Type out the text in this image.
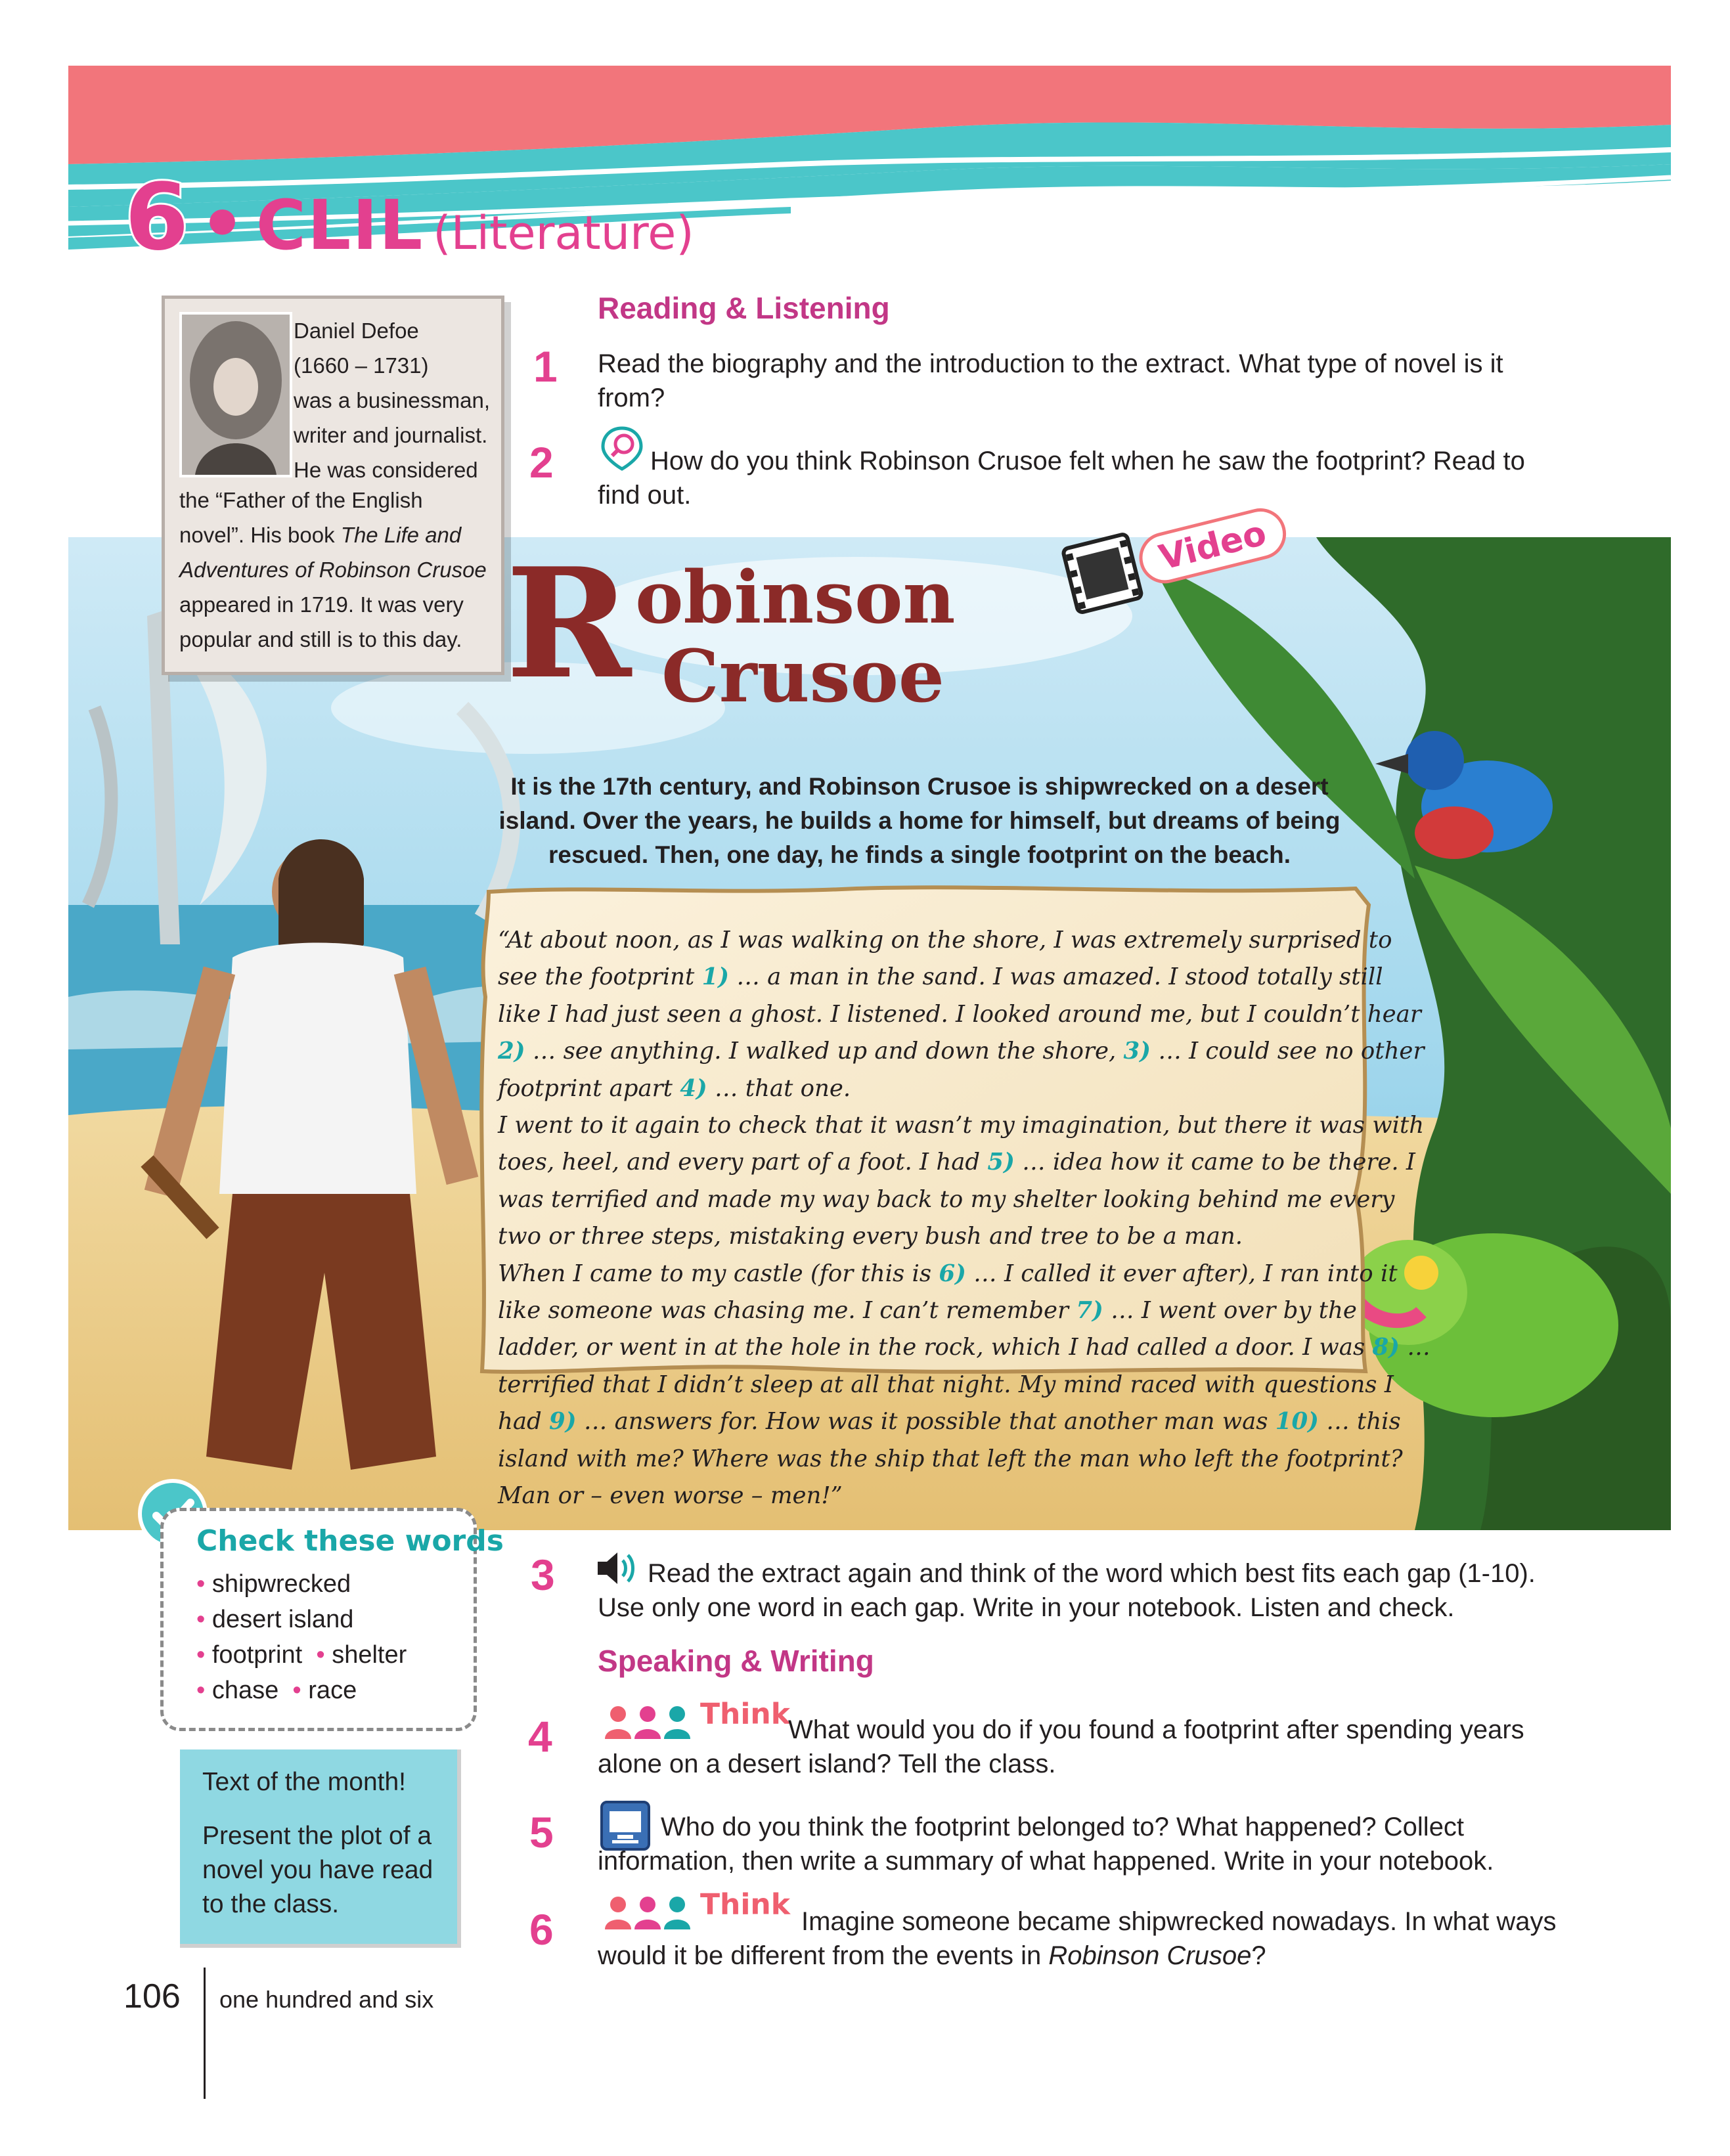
6 • CLIL (Literature)
R obinson
Crusoe
Video
It is the 17th century, and Robinson Crusoe is shipwrecked on a desert island. Over the years, he builds a home for himself, but dreams of being rescued. Then, one day, he finds a single footprint on the beach.
“At about noon, as I was walking on the shore, I was extremely surprised to see the footprint 1) … a man in the sand. I was amazed. I stood totally still like I had just seen a ghost. I listened. I looked around me, but I couldn’t hear 2) … see anything. I walked up and down the shore, 3) … I could see no other footprint apart 4) … that one.
I went to it again to check that it wasn’t my imagination, but there it was with toes, heel, and every part of a foot. I had 5) … idea how it came to be there. I was terrified and made my way back to my shelter looking behind me every two or three steps, mistaking every bush and tree to be a man.
When I came to my castle (for this is 6) … I called it ever after), I ran into it like someone was chasing me. I can’t remember 7) … I went over by the ladder, or went in at the hole in the rock, which I had called a door. I was 8) … terrified that I didn’t sleep at all that night. My mind raced with questions I had 9) … answers for. How was it possible that another man was 10) … this island with me? Where was the ship that left the man who left the footprint? Man or – even worse – men!”
Daniel Defoe
(1660 – 1731)
was a businessman,
writer and journalist.
He was considered
the “Father of the English novel”. His book The Life and Adventures of Robinson Crusoe appeared in 1719. It was very popular and still is to this day.
Reading & Listening
1 Read the biography and the introduction to the extract. What type of novel is it from?
2	How do you think Robinson Crusoe felt when he saw the footprint? Read to find out.
Check these words
• shipwrecked
• desert island
• footprint • shelter
• chase • race
Text of the month!
Present the plot of a novel you have read to the class.
3	Read the extract again and think of the word which best fits each gap (1-10). Use only one word in each gap. Write in your notebook. Listen and check.
Speaking & Writing
4	Think
What would you do if you found a footprint after spending years alone on a desert island? Tell the class.
5	Who do you think the footprint belonged to? What happened? Collect information, then write a summary of what happened. Write in your notebook.
6
Think
Imagine someone became shipwrecked nowadays. In what ways would it be different from the events in Robinson Crusoe?
106 one hundred and six
